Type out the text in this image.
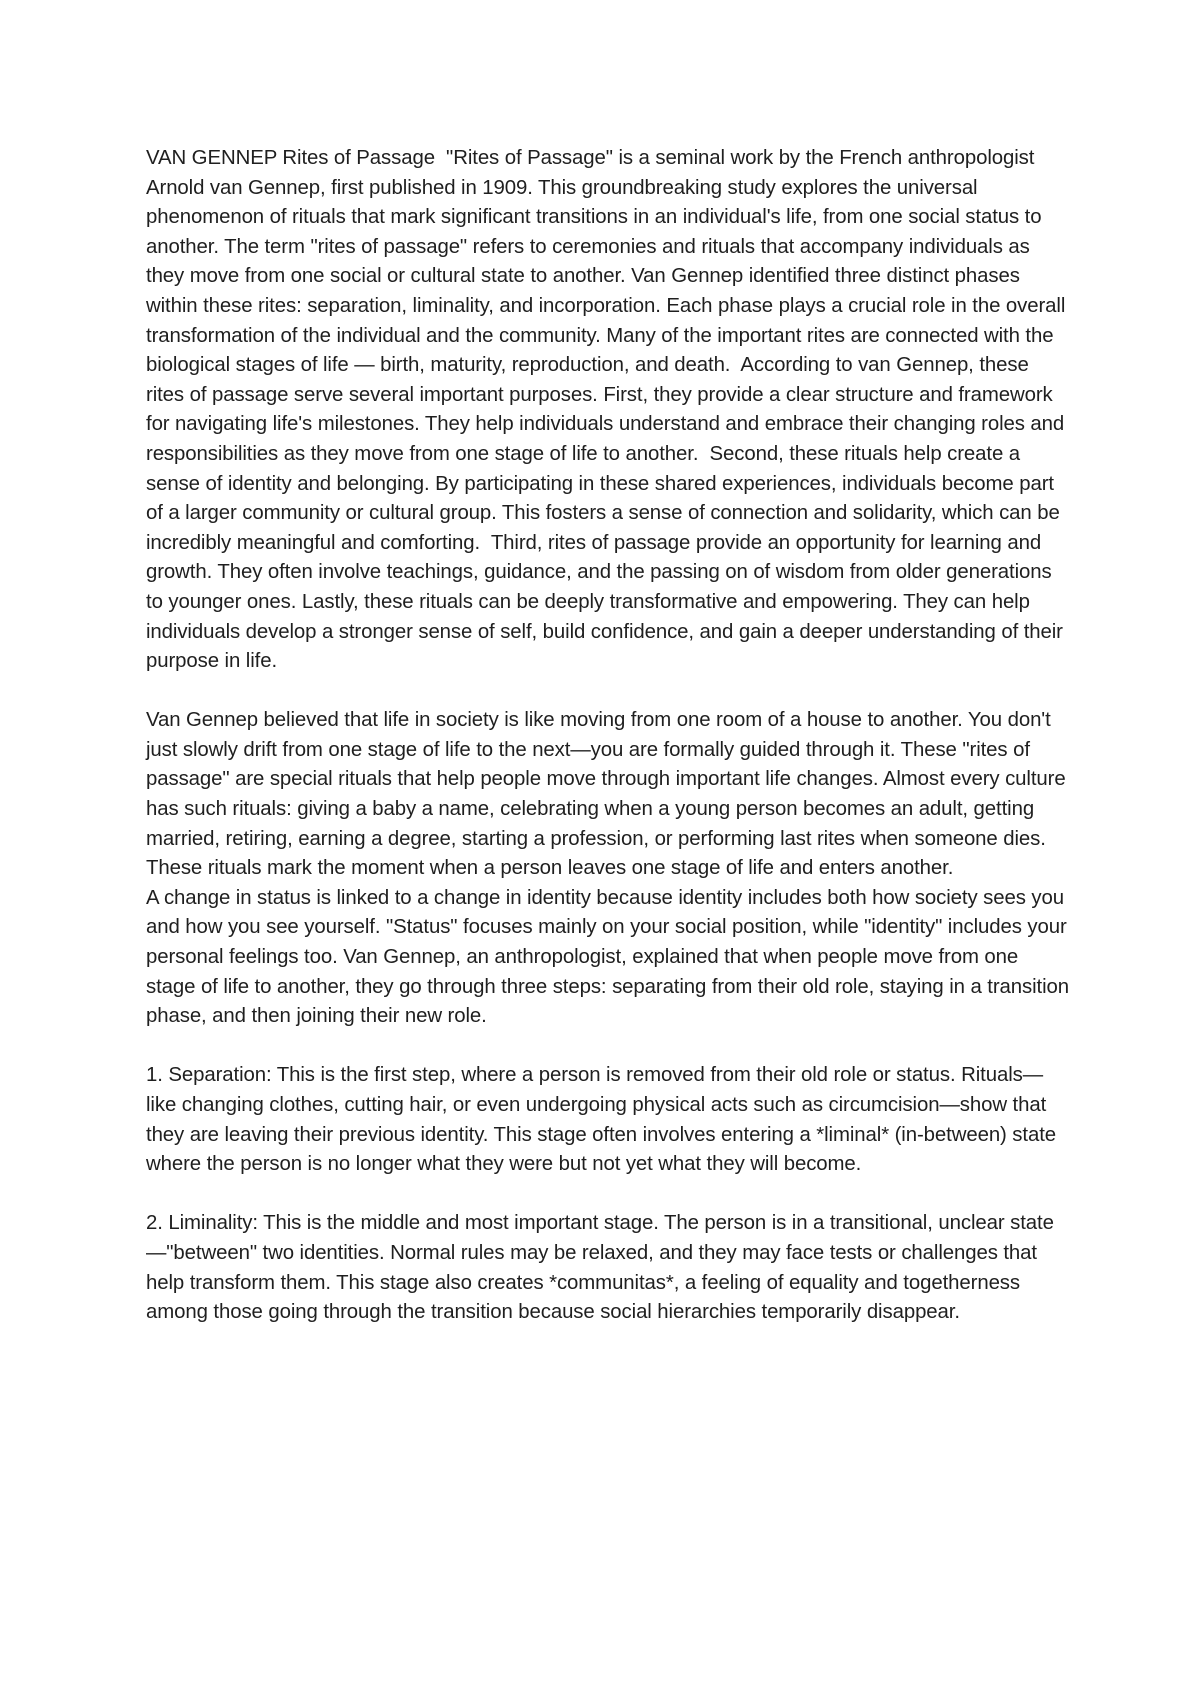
VAN GENNEP Rites of Passage  "Rites of Passage" is a seminal work by the French anthropologist Arnold van Gennep, first published in 1909. This groundbreaking study explores the universal phenomenon of rituals that mark significant transitions in an individual's life, from one social status to another. The term "rites of passage" refers to ceremonies and rituals that accompany individuals as they move from one social or cultural state to another. Van Gennep identified three distinct phases within these rites: separation, liminality, and incorporation. Each phase plays a crucial role in the overall transformation of the individual and the community. Many of the important rites are connected with the biological stages of life — birth, maturity, reproduction, and death.  According to van Gennep, these rites of passage serve several important purposes. First, they provide a clear structure and framework for navigating life's milestones. They help individuals understand and embrace their changing roles and responsibilities as they move from one stage of life to another.  Second, these rituals help create a sense of identity and belonging. By participating in these shared experiences, individuals become part of a larger community or cultural group. This fosters a sense of connection and solidarity, which can be incredibly meaningful and comforting.  Third, rites of passage provide an opportunity for learning and growth. They often involve teachings, guidance, and the passing on of wisdom from older generations to younger ones. Lastly, these rituals can be deeply transformative and empowering. They can help individuals develop a stronger sense of self, build confidence, and gain a deeper understanding of their purpose in life.

Van Gennep believed that life in society is like moving from one room of a house to another. You don't just slowly drift from one stage of life to the next—you are formally guided through it. These "rites of passage" are special rituals that help people move through important life changes. Almost every culture has such rituals: giving a baby a name, celebrating when a young person becomes an adult, getting married, retiring, earning a degree, starting a profession, or performing last rites when someone dies. These rituals mark the moment when a person leaves one stage of life and enters another.

A change in status is linked to a change in identity because identity includes both how society sees you and how you see yourself. "Status" focuses mainly on your social position, while "identity" includes your personal feelings too. Van Gennep, an anthropologist, explained that when people move from one stage of life to another, they go through three steps: separating from their old role, staying in a transition phase, and then joining their new role.

1. Separation: This is the first step, where a person is removed from their old role or status. Rituals—like changing clothes, cutting hair, or even undergoing physical acts such as circumcision—show that they are leaving their previous identity. This stage often involves entering a *liminal* (in-between) state where the person is no longer what they were but not yet what they will become.

2. Liminality: This is the middle and most important stage. The person is in a transitional, unclear state—"between" two identities. Normal rules may be relaxed, and they may face tests or challenges that help transform them. This stage also creates *communitas*, a feeling of equality and togetherness among those going through the transition because social hierarchies temporarily disappear.
